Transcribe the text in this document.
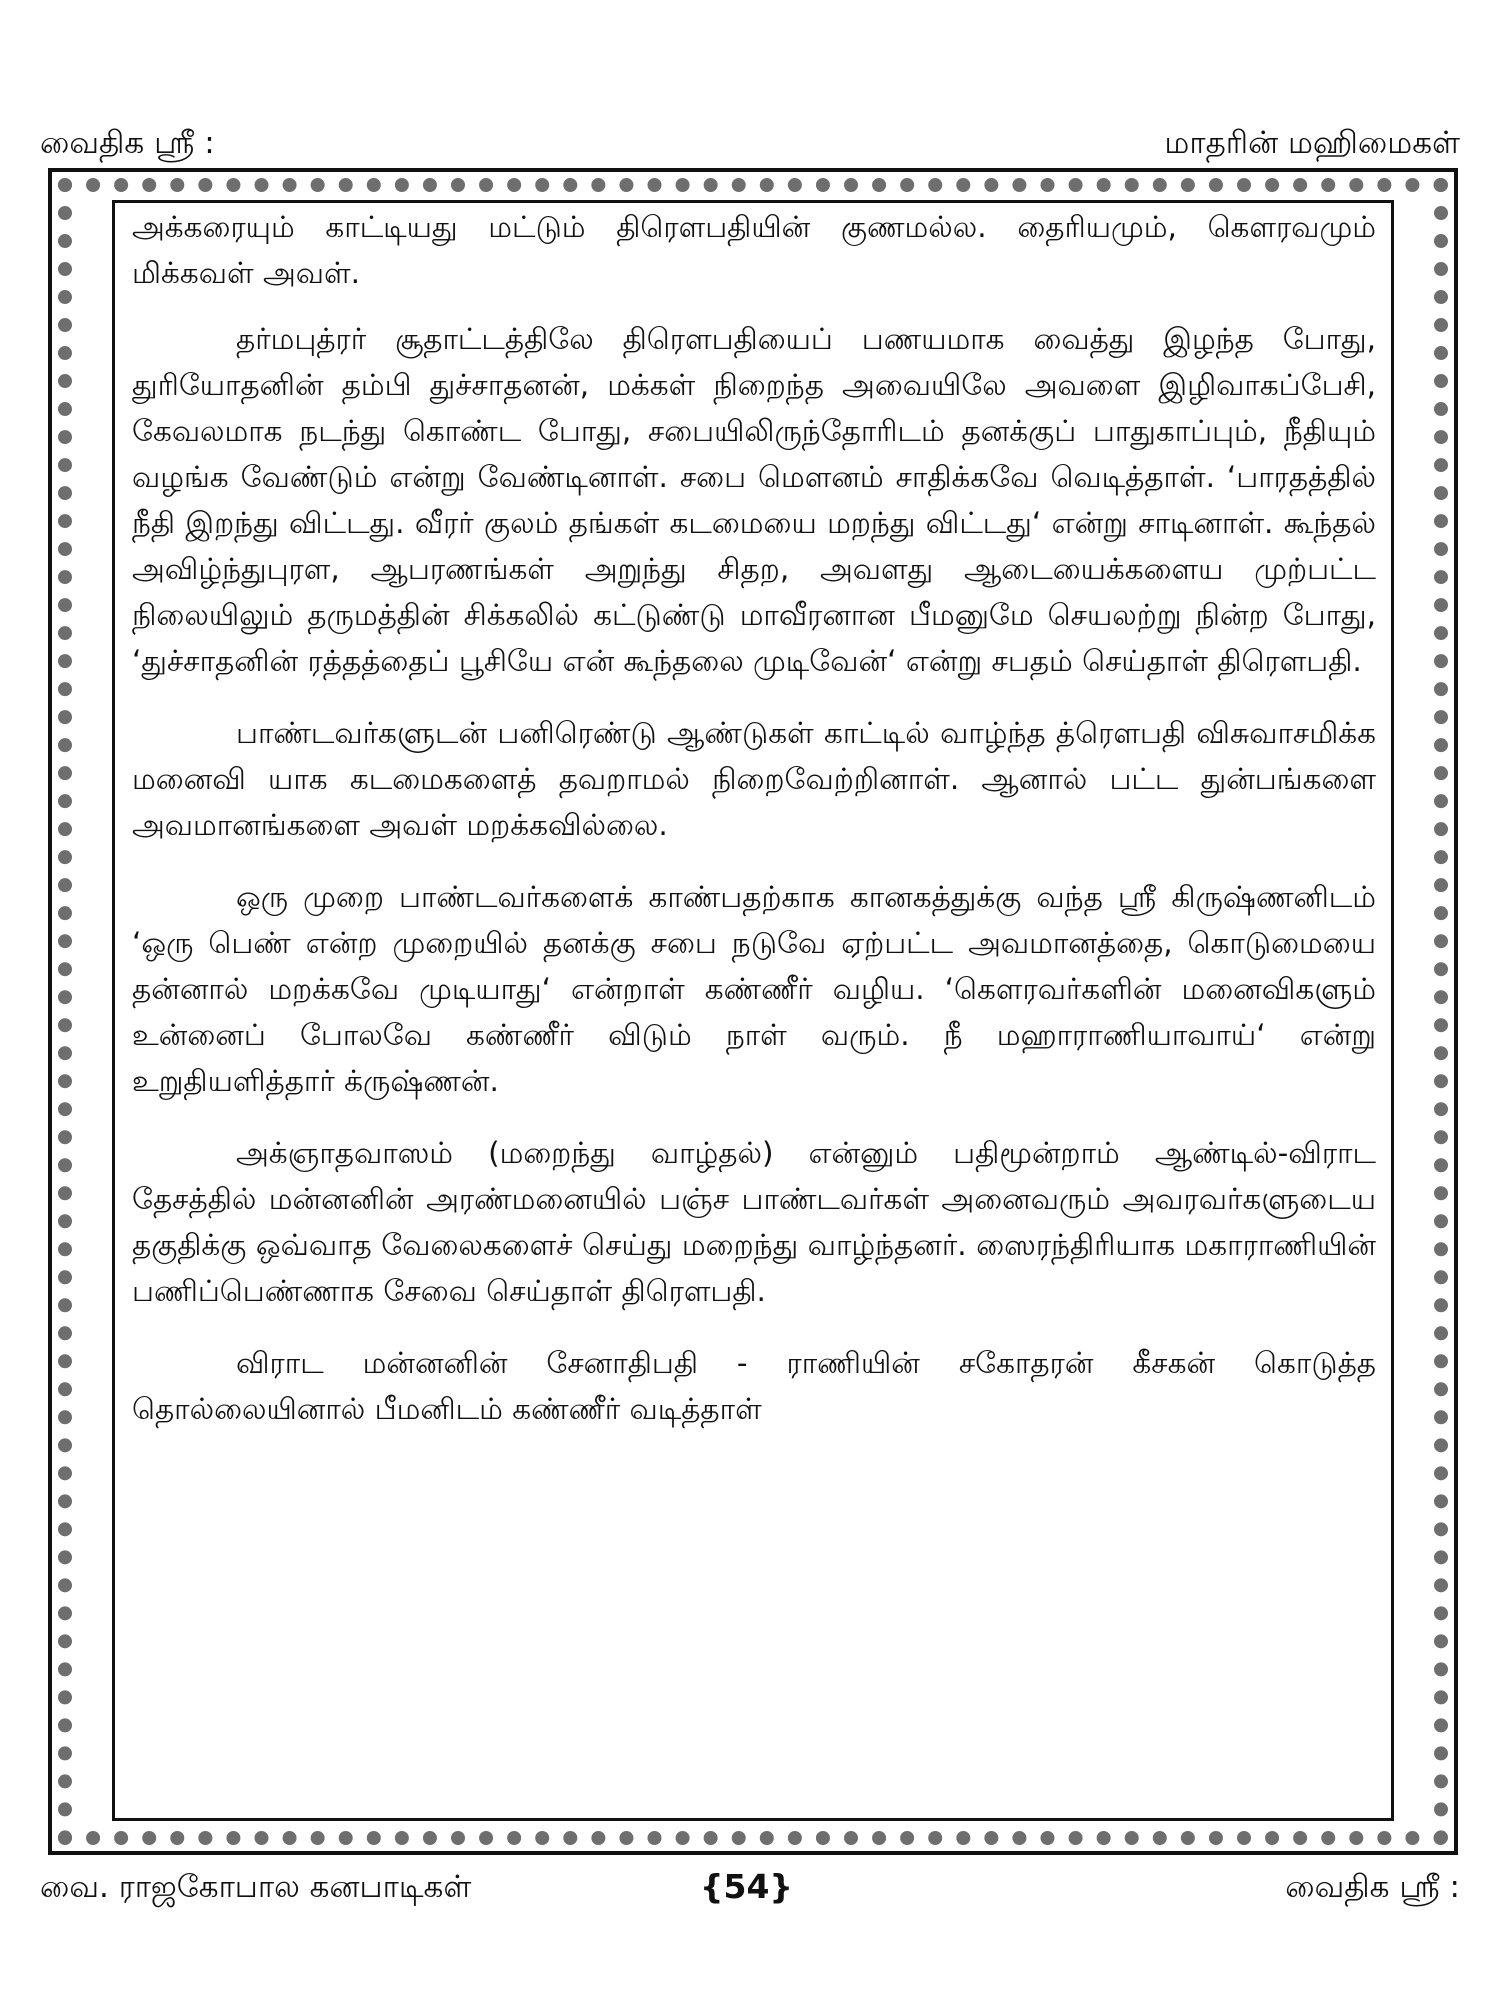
வைதிக ஸ்ரீ :	மாதரின் மஹிமைகள்

அக்கரையும் காட்டியது மட்டும் திரௌபதியின் குணமல்ல. தைரியமும், கௌரவமும் மிக்கவள் அவள்.

தர்மபுத்ரர் சூதாட்டத்திலே திரௌபதியைப் பணயமாக வைத்து இழந்த போது, துரியோதனின் தம்பி துச்சாதனன், மக்கள் நிறைந்த அவையிலே அவளை இழிவாகப்பேசி, கேவலமாக நடந்து கொண்ட போது, சபையிலிருந்தோரிடம் தனக்குப் பாதுகாப்பும், நீதியும் வழங்க வேண்டும் என்று வேண்டினாள். சபை மௌனம் சாதிக்கவே வெடித்தாள். ‘பாரதத்தில் நீதி இறந்து விட்டது. வீரர் குலம் தங்கள் கடமையை மறந்து விட்டது‘ என்று சாடினாள். கூந்தல் அவிழ்ந்துபுரள, ஆபரணங்கள் அறுந்து சிதற, அவளது ஆடையைக்களைய முற்பட்ட நிலையிலும் தருமத்தின் சிக்கலில் கட்டுண்டு மாவீரனான பீமனுமே செயலற்று நின்ற போது, ‘துச்சாதனின் ரத்தத்தைப் பூசியே என் கூந்தலை முடிவேன்‘ என்று சபதம் செய்தாள் திரௌபதி.

பாண்டவர்களுடன் பனிரெண்டு ஆண்டுகள் காட்டில் வாழ்ந்த த்ரௌபதி விசுவாசமிக்க மனைவி யாக கடமைகளைத் தவறாமல் நிறைவேற்றினாள். ஆனால் பட்ட துன்பங்களை அவமானங்களை அவள் மறக்கவில்லை.

ஒரு முறை பாண்டவர்களைக் காண்பதற்காக கானகத்துக்கு வந்த ஸ்ரீ கிருஷ்ணனிடம் ‘ஒரு பெண் என்ற முறையில் தனக்கு சபை நடுவே ஏற்பட்ட அவமானத்தை, கொடுமையை தன்னால் மறக்கவே முடியாது‘ என்றாள் கண்ணீர் வழிய. ‘கௌரவர்களின் மனைவிகளும் உன்னைப் போலவே கண்ணீர் விடும் நாள் வரும். நீ மஹாராணியாவாய்‘ என்று உறுதியளித்தார் க்ருஷ்ணன்.

அக்ஞாதவாஸம் (மறைந்து வாழ்தல்) என்னும் பதிமூன்றாம் ஆண்டில்-விராட தேசத்தில் மன்னனின் அரண்மனையில் பஞ்ச பாண்டவர்கள் அனைவரும் அவரவர்களுடைய தகுதிக்கு ஒவ்வாத வேலைகளைச் செய்து மறைந்து வாழ்ந்தனர். ஸைரந்திரியாக மகாராணியின் பணிப்பெண்ணாக சேவை செய்தாள் திரௌபதி.

விராட மன்னனின் சேனாதிபதி - ராணியின் சகோதரன் கீசகன் கொடுத்த தொல்லையினால் பீமனிடம் கண்ணீர் வடித்தாள்

வை. ராஜகோபால கனபாடிகள்	{54}	வைதிக ஸ்ரீ :
